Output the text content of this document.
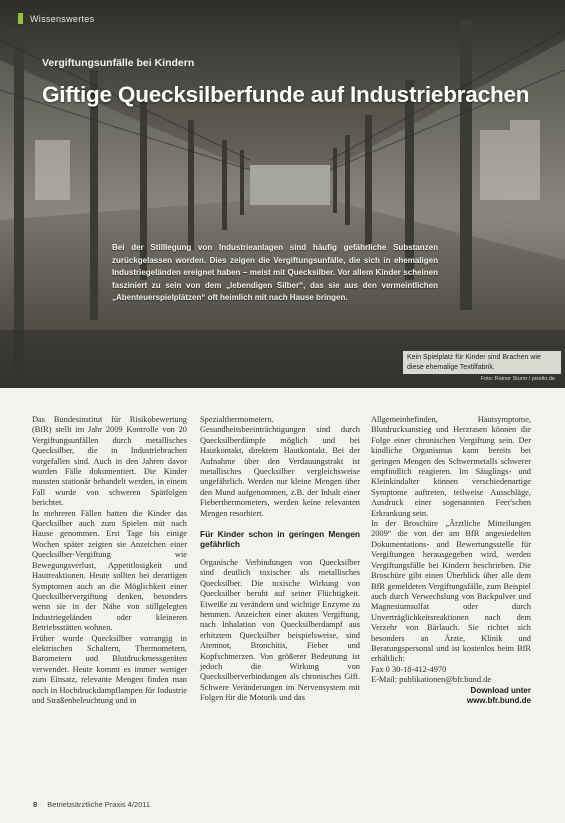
Wissenswertes
Vergiftungsunfälle bei Kindern
Giftige Quecksilberfunde auf Industriebrachen
Bei der Stilllegung von Industrieanlagen sind häufig gefährliche Substanzen zurückgelassen worden. Dies zeigen die Vergiftungsunfälle, die sich in ehemaligen Industriegeländen ereignet haben – meist mit Quecksilber. Vor allem Kinder scheinen fasziniert zu sein von dem „lebendigen Silber“, das sie aus den vermeintlichen „Abenteuerspielplätzen“ oft heimlich mit nach Hause bringen.
Kein Spielplatz für Kinder sind Brachen wie diese ehemalige Textilfabrik.
Foto: Rainer Sturm / pixelio.de

Das Bundesinstitut für Risikobewertung (BfR) stellt im Jahr 2009 Kontrolle von 20 Vergiftungsunfällen durch metallisches Quecksilber, die in Industriebrachen vorgefallen sind. Auch in den Jahren davor wurden Fälle dokumentiert. Die Kinder mussten stationär behandelt werden, in einem Fall wurde von schweren Spätfolgen berichtet.

In mehreren Fällen hatten die Kinder das Quecksilber auch zum Spielen mit nach Hause genommen. Erst Tage bis einige Wochen später zeigten sie Anzeichen einer Quecksilber-Vergiftung wie Bewegungsverlust, Appetitlosigkeit und Hautreaktionen. Heute sollten bei derartigen Symptomen auch an die Möglichkeit einer Quecksilbervergiftung denken, besonders wenn sie in der Nähe von stillgelegten Industriegeländen oder kleineren Betriebsstätten wohnen.

Früher wurde Quecksilber vorrangig in elektrischen Schaltern, Thermometern, Barometern und Blutdruckmessgeräten verwendet. Heute kommt es immer weniger zum Einsatz, relevante Mengen finden man noch in Hochdruckdampflampen für Industrie und Straßenbeleuchtung und in

Spezialthermometern. Gesundheitsbeeinträchtigungen sind durch Quecksilberdämpfe möglich und bei Hautkontakt, direktem Hautkontakt. Bei der Aufnahme über den Verdauungstrakt ist metallisches Quecksilber vergleichsweise ungefährlich. Werden nur kleine Mengen über den Mund aufgenommen, z.B. der Inhalt einer Fieberthermometers, werden keine relevanten Mengen resorbiert.

Für Kinder schon in geringen Mengen gefährlich

Organische Verbindungen von Quecksilber sind deutlich toxischer als metallisches Quecksilber. Die toxische Wirkung von Quecksilber beruht auf seiner Flüchtigkeit. Eiweiße zu verändern und wichtige Enzyme zu hemmen. Anzeichen einer akuten Vergiftung, nach Inhalation von Quecksilberdampf aus erhitztem Quecksilber beispielsweise, sind Atemnot, Bronchitis, Fieber und Kopfschmerzen. Von größerer Bedeutung ist jedoch die Wirkung von Quecksilberverbindungen als chronisches Gift. Schwere Veränderungen im Nervensystem mit Folgen für die Motorik und das

Allgemeinbefinden, Hautsymptome, Blutdrucksanstieg und Herzrasen können die Folge einer chronischen Vergiftung sein. Der kindliche Organismus kann bereits bei geringen Mengen des Schwermetalls schwerer empfindlich reagieren. Im Säuglings- und Kleinkindalter können verschiedenartige Symptome auftreten, teilweise Ausschläge, Ausdruck einer sogenannten Feer'schen Erkrankung sein.

In der Broschüre „Ärztliche Mitteilungen 2009“ die von der am BfR angesiedelten Dokumentations- und Bewertungsstelle für Vergiftungen herausgegeben wird, werden Vergiftungsfälle bei Kindern beschrieben. Die Broschüre gibt einen Überblick über alle dem BfR gemeldeten Vergiftungsfälle, zum Beispiel auch durch Verwechslung von Backpulver und Magnesiumsulfat oder durch Unverträglichkeitsreaktionen nach dem Verzehr von Bärlauch. Sie richtet sich besonders an Ärzte, Klinik und Beratungspersonal und ist kostenlos beim BfR erhältlich:

Fax 0 30-18-412-4970

E-Mail: publikationen@bfr.bund.de

Download unter
www.bfr.bund.de
8 Betriebsärztliche Praxis 4/2011
